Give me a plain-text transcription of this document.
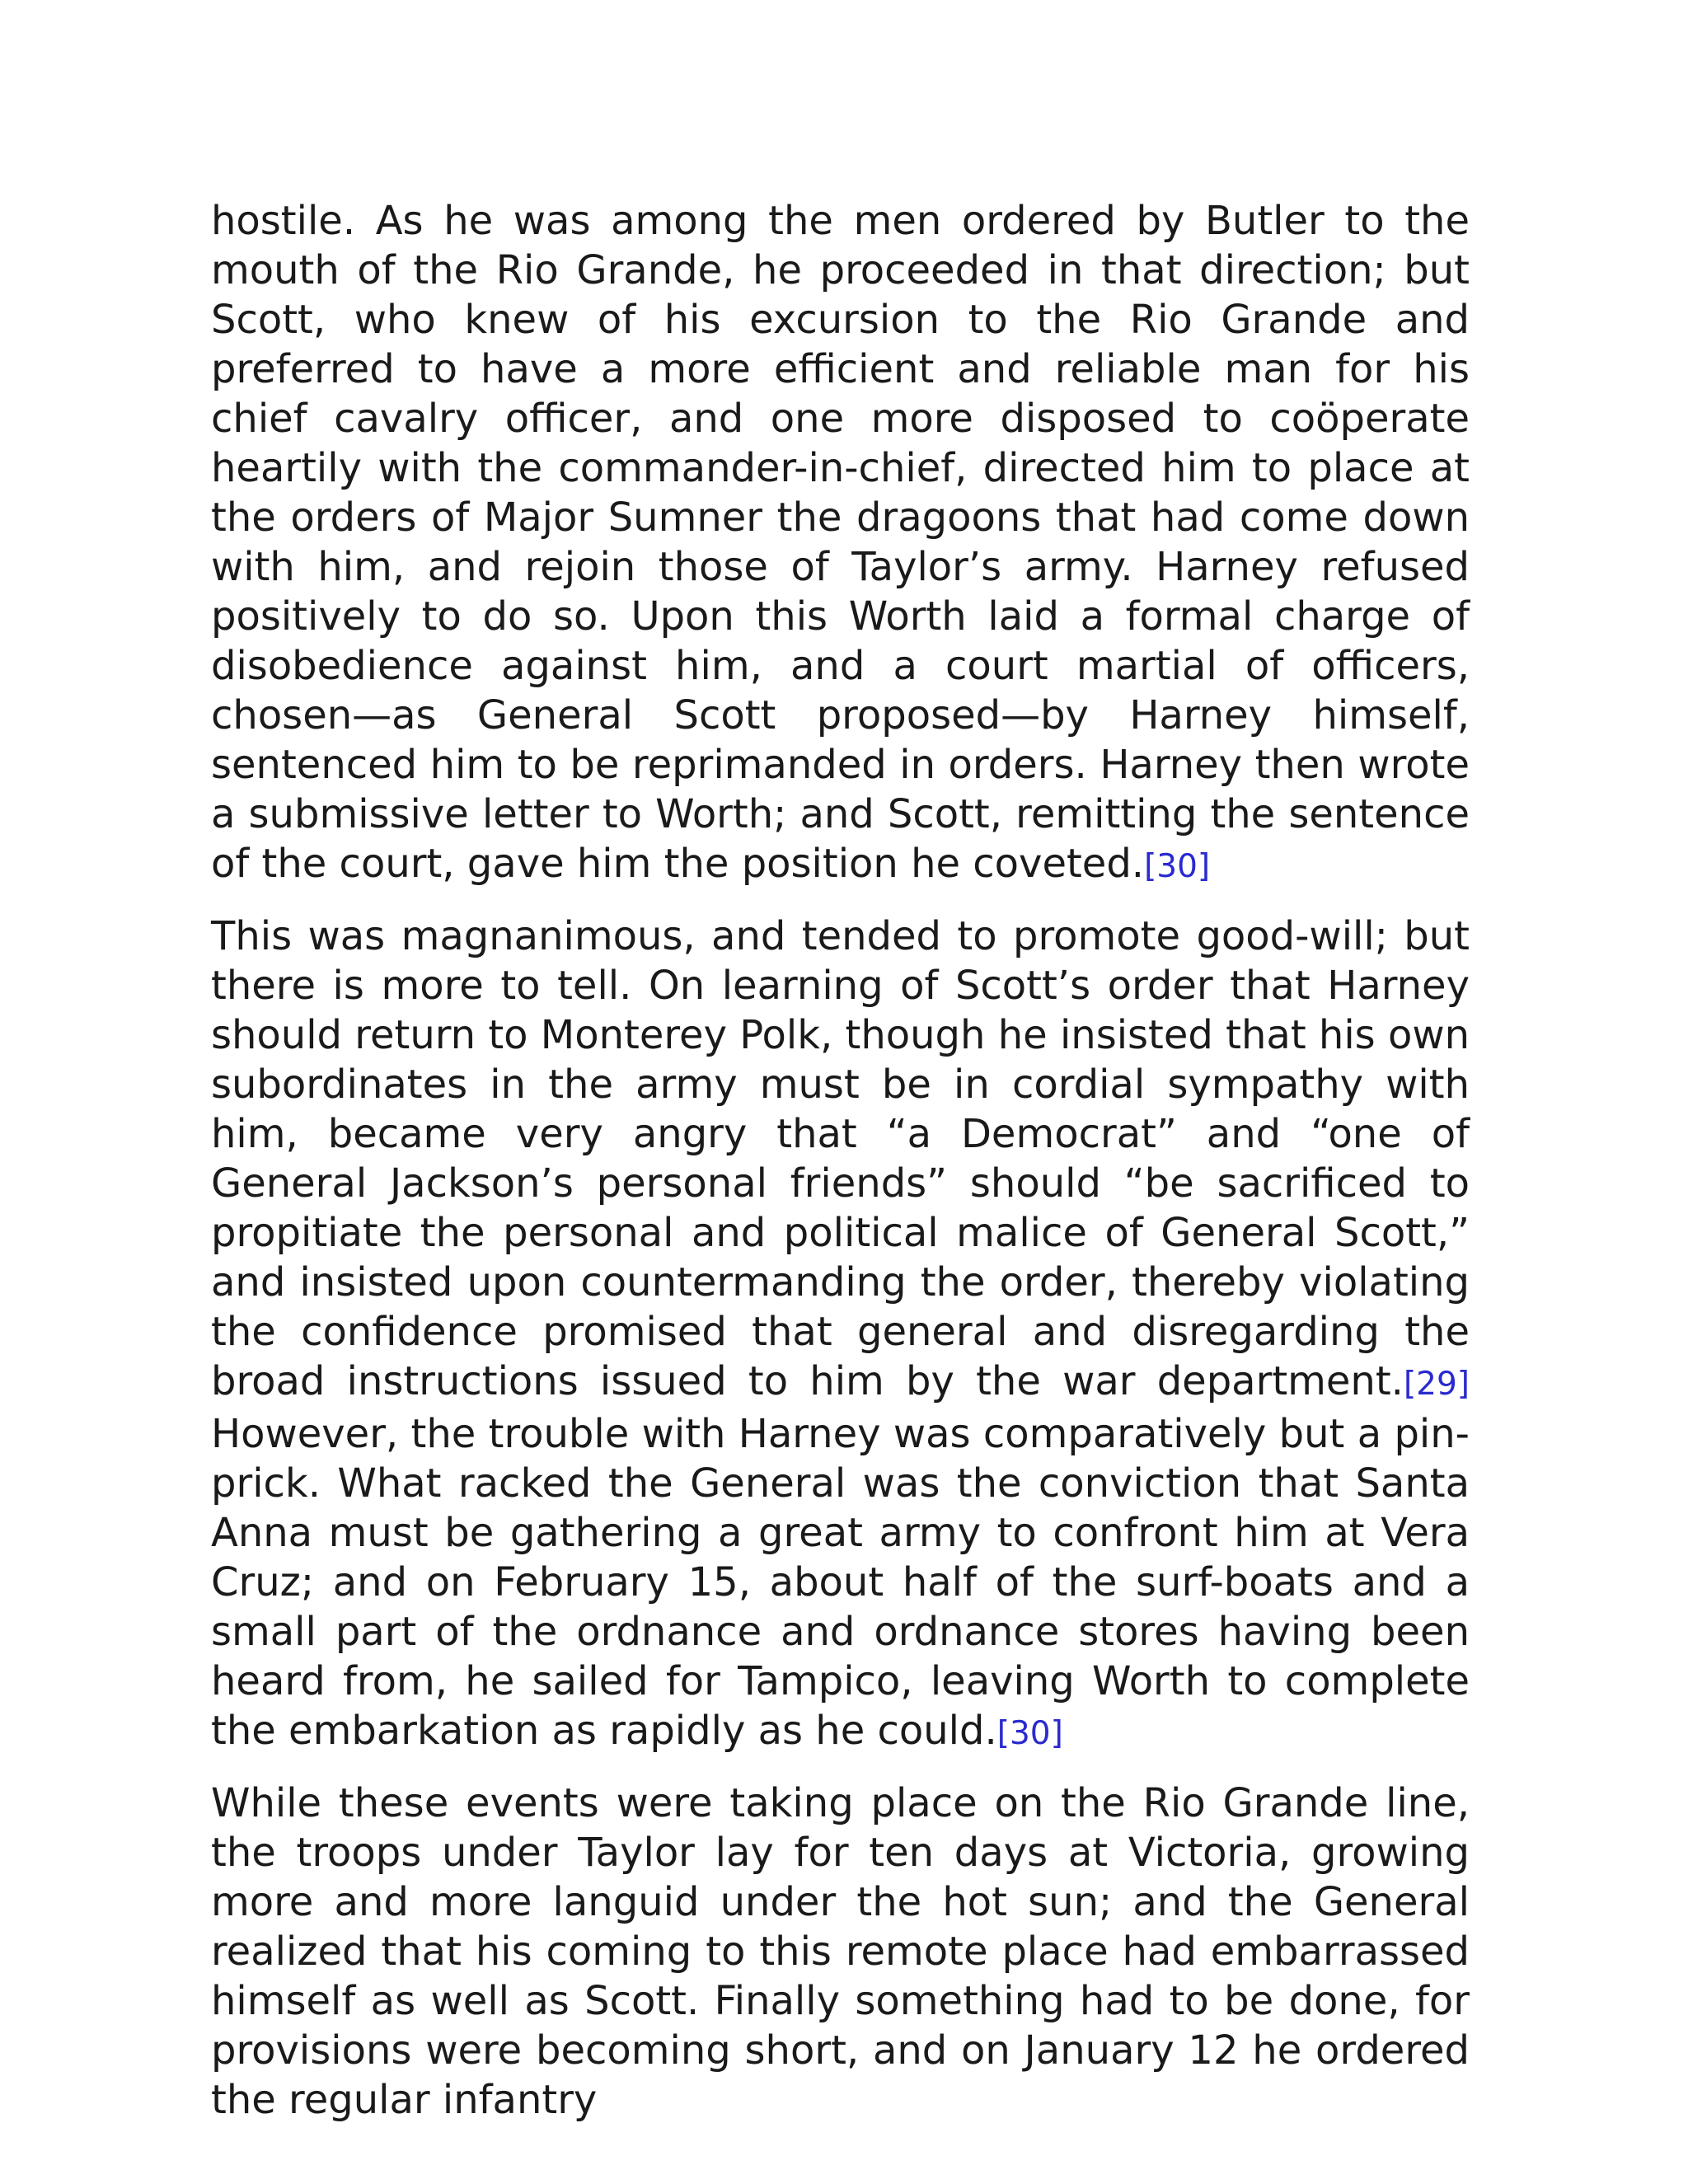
hostile. As he was among the men ordered by Butler to the mouth of the Rio Grande, he proceeded in that direction; but Scott, who knew of his excursion to the Rio Grande and preferred to have a more efficient and reliable man for his chief cavalry officer, and one more disposed to coöperate heartily with the commander-in-chief, directed him to place at the orders of Major Sumner the dragoons that had come down with him, and rejoin those of Taylor’s army. Harney refused positively to do so. Upon this Worth laid a formal charge of disobedience against him, and a court martial of officers, chosen—as General Scott proposed—by Harney himself, sentenced him to be reprimanded in orders. Harney then wrote a submissive letter to Worth; and Scott, remitting the sentence of the court, gave him the position he coveted.[30]

This was magnanimous, and tended to promote good-will; but there is more to tell. On learning of Scott’s order that Harney should return to Monterey Polk, though he insisted that his own subordinates in the army must be in cordial sympathy with him, became very angry that “a Democrat” and “one of General Jackson’s personal friends” should “be sacrificed to propitiate the personal and political malice of General Scott,” and insisted upon countermanding the order, thereby violating the confidence promised that general and disregarding the broad instructions issued to him by the war department.[29] However, the trouble with Harney was comparatively but a pin-prick. What racked the General was the conviction that Santa Anna must be gathering a great army to confront him at Vera Cruz; and on February 15, about half of the surf-boats and a small part of the ordnance and ordnance stores having been heard from, he sailed for Tampico, leaving Worth to complete the embarkation as rapidly as he could.[30]

While these events were taking place on the Rio Grande line, the troops under Taylor lay for ten days at Victoria, growing more and more languid under the hot sun; and the General realized that his coming to this remote place had embarrassed himself as well as Scott. Finally something had to be done, for provisions were becoming short, and on January 12 he ordered the regular infantry
